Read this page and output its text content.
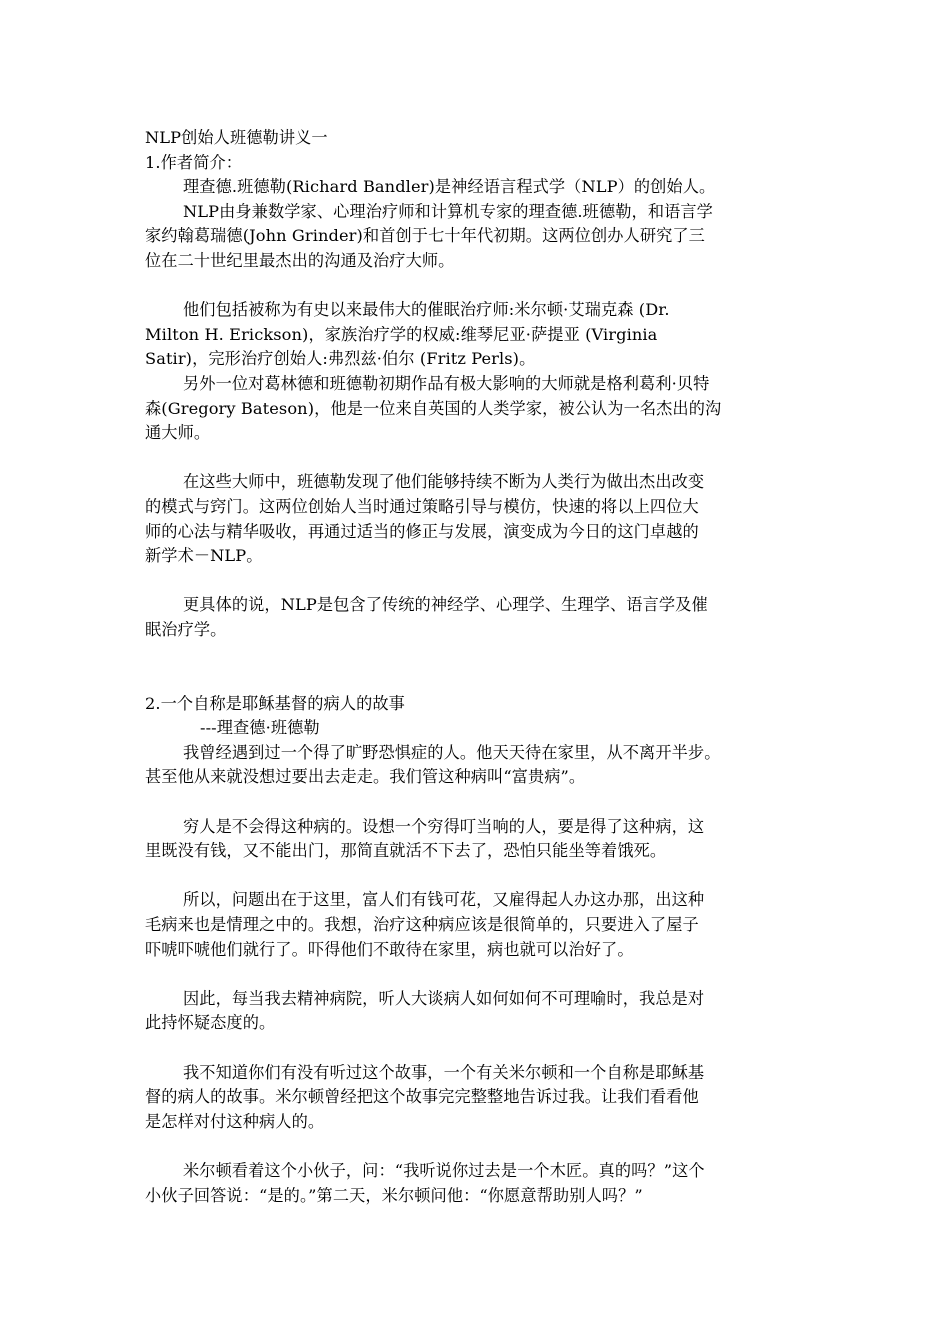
NLP创始人班德勒讲义一
1.作者简介：
理查德.班德勒(Richard Bandler)是神经语言程式学（NLP）的创始人。
NLP由身兼数学家、心理治疗师和计算机专家的理查德.班德勒，和语言学
家约翰葛瑞德(John Grinder)和首创于七十年代初期。这两位创办人研究了三
位在二十世纪里最杰出的沟通及治疗大师。
他们包括被称为有史以来最伟大的催眠治疗师:米尔顿·艾瑞克森 (Dr.
Milton H. Erickson)，家族治疗学的权威:维琴尼亚·萨提亚 (Virginia
Satir)，完形治疗创始人:弗烈兹·伯尔 (Fritz Perls)。
另外一位对葛林德和班德勒初期作品有极大影响的大师就是格利葛利·贝特
森(Gregory Bateson)，他是一位来自英国的人类学家，被公认为一名杰出的沟
通大师。
在这些大师中，班德勒发现了他们能够持续不断为人类行为做出杰出改变
的模式与窍门。这两位创始人当时通过策略引导与模仿，快速的将以上四位大
师的心法与精华吸收，再通过适当的修正与发展，演变成为今日的这门卓越的
新学术－NLP。
更具体的说，NLP是包含了传统的神经学、心理学、生理学、语言学及催
眠治疗学。
2.一个自称是耶稣基督的病人的故事
---理查德·班德勒
我曾经遇到过一个得了旷野恐惧症的人。他天天待在家里，从不离开半步。
甚至他从来就没想过要出去走走。我们管这种病叫“富贵病”。
穷人是不会得这种病的。设想一个穷得叮当响的人，要是得了这种病，这
里既没有钱，又不能出门，那简直就活不下去了，恐怕只能坐等着饿死。
所以，问题出在于这里，富人们有钱可花，又雇得起人办这办那，出这种
毛病来也是情理之中的。我想，治疗这种病应该是很简单的，只要进入了屋子
吓唬吓唬他们就行了。吓得他们不敢待在家里，病也就可以治好了。
因此，每当我去精神病院，听人大谈病人如何如何不可理喻时，我总是对
此持怀疑态度的。
我不知道你们有没有听过这个故事，一个有关米尔顿和一个自称是耶稣基
督的病人的故事。米尔顿曾经把这个故事完完整整地告诉过我。让我们看看他
是怎样对付这种病人的。
米尔顿看着这个小伙子，问：“我听说你过去是一个木匠。真的吗？”这个
小伙子回答说：“是的。”第二天，米尔顿问他：“你愿意帮助别人吗？”
